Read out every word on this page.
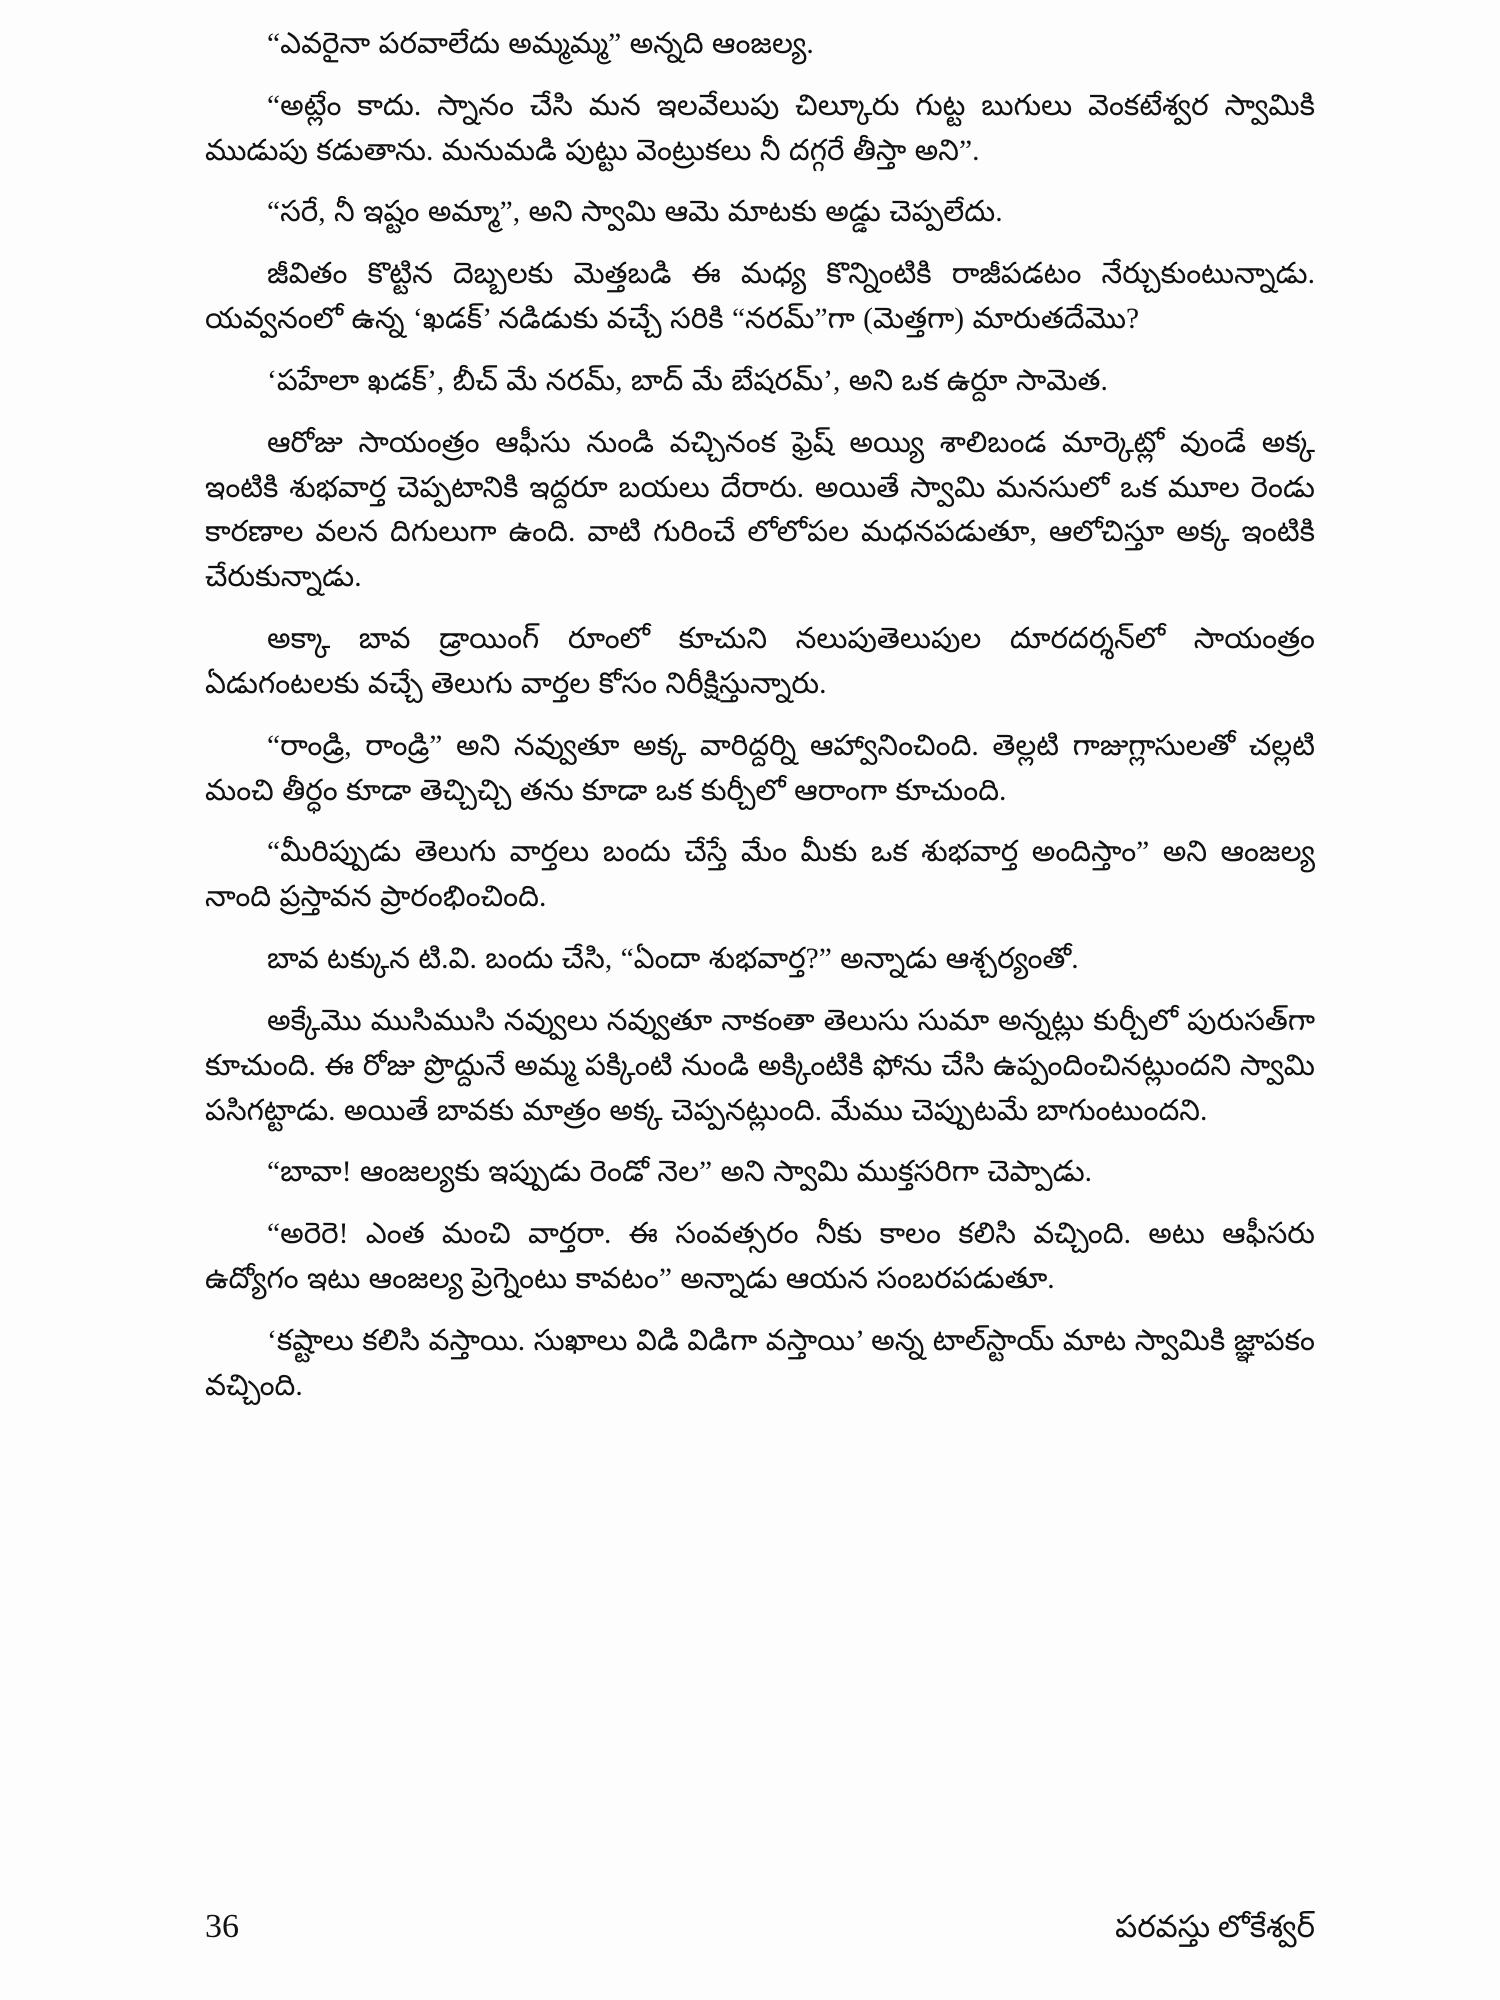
“ఎవరైనా పరవాలేదు అమ్మమ్మ” అన్నది ఆంజల్య.

“అట్లేం కాదు. స్నానం చేసి మన ఇలవేలుపు చిల్కూరు గుట్ట బుగులు వెంకటేశ్వర స్వామికి ముడుపు కడుతాను. మనుమడి పుట్టు వెంట్రుకలు నీ దగ్గరే తీస్తా అని”.

“సరే, నీ ఇష్టం అమ్మా”, అని స్వామి ఆమె మాటకు అడ్డు చెప్పలేదు.

జీవితం కొట్టిన దెబ్బలకు మెత్తబడి ఈ మధ్య కొన్నింటికి రాజీపడటం నేర్చుకుంటున్నాడు. యవ్వనంలో ఉన్న ‘ఖడక్’ నడిడుకు వచ్చే సరికి “నరమ్”గా (మెత్తగా) మారుతదేమొ?

‘పహేలా ఖడక్’, బీచ్ మే నరమ్, బాద్ మే బేషరమ్’, అని ఒక ఉర్దూ సామెత.

ఆరోజు సాయంత్రం ఆఫీసు నుండి వచ్చినంక ఫ్రెష్ అయ్యి శాలిబండ మార్కెట్లో వుండే అక్క ఇంటికి శుభవార్త చెప్పటానికి ఇద్దరూ బయలు దేరారు. అయితే స్వామి మనసులో ఒక మూల రెండు కారణాల వలన దిగులుగా ఉంది. వాటి గురించే లోలోపల మధనపడుతూ, ఆలోచిస్తూ అక్క ఇంటికి చేరుకున్నాడు.

అక్కా బావ డ్రాయింగ్ రూంలో కూచుని నలుపుతెలుపుల దూరదర్శన్‌లో సాయంత్రం ఏడుగంటలకు వచ్చే తెలుగు వార్తల కోసం నిరీక్షిస్తున్నారు.

“రాండ్రి, రాండ్రి” అని నవ్వుతూ అక్క వారిద్దర్ని ఆహ్వానించింది. తెల్లటి గాజుగ్లాసులతో చల్లటి మంచి తీర్ధం కూడా తెచ్చిచ్చి తను కూడా ఒక కుర్చీలో ఆరాంగా కూచుంది.

“మీరిప్పుడు తెలుగు వార్తలు బందు చేస్తే మేం మీకు ఒక శుభవార్త అందిస్తాం” అని ఆంజల్య నాంది ప్రస్తావన ప్రారంభించింది.

బావ టక్కున టి.వి. బందు చేసి, “ఏందా శుభవార్త?” అన్నాడు ఆశ్చర్యంతో.

అక్కేమొ ముసిముసి నవ్వులు నవ్వుతూ నాకంతా తెలుసు సుమా అన్నట్లు కుర్చీలో పురుసత్‌గా కూచుంది. ఈ రోజు ప్రొద్దునే అమ్మ పక్కింటి నుండి అక్కింటికి ఫోను చేసి ఉప్పందించినట్లుందని స్వామి పసిగట్టాడు. అయితే బావకు మాత్రం అక్క చెప్పనట్లుంది. మేము చెప్పుటమే బాగుంటుందని.

“బావా! ఆంజల్యకు ఇప్పుడు రెండో నెల” అని స్వామి ముక్తసరిగా చెప్పాడు.

“అరెరె! ఎంత మంచి వార్తరా. ఈ సంవత్సరం నీకు కాలం కలిసి వచ్చింది. అటు ఆఫీసరు ఉద్యోగం ఇటు ఆంజల్య ప్రెగ్నెంటు కావటం” అన్నాడు ఆయన సంబరపడుతూ.

‘కష్టాలు కలిసి వస్తాయి. సుఖాలు విడి విడిగా వస్తాయి’ అన్న టాల్‌స్టాయ్ మాట స్వామికి జ్ఞాపకం వచ్చింది.

36	పరవస్తు లోకేశ్వర్
